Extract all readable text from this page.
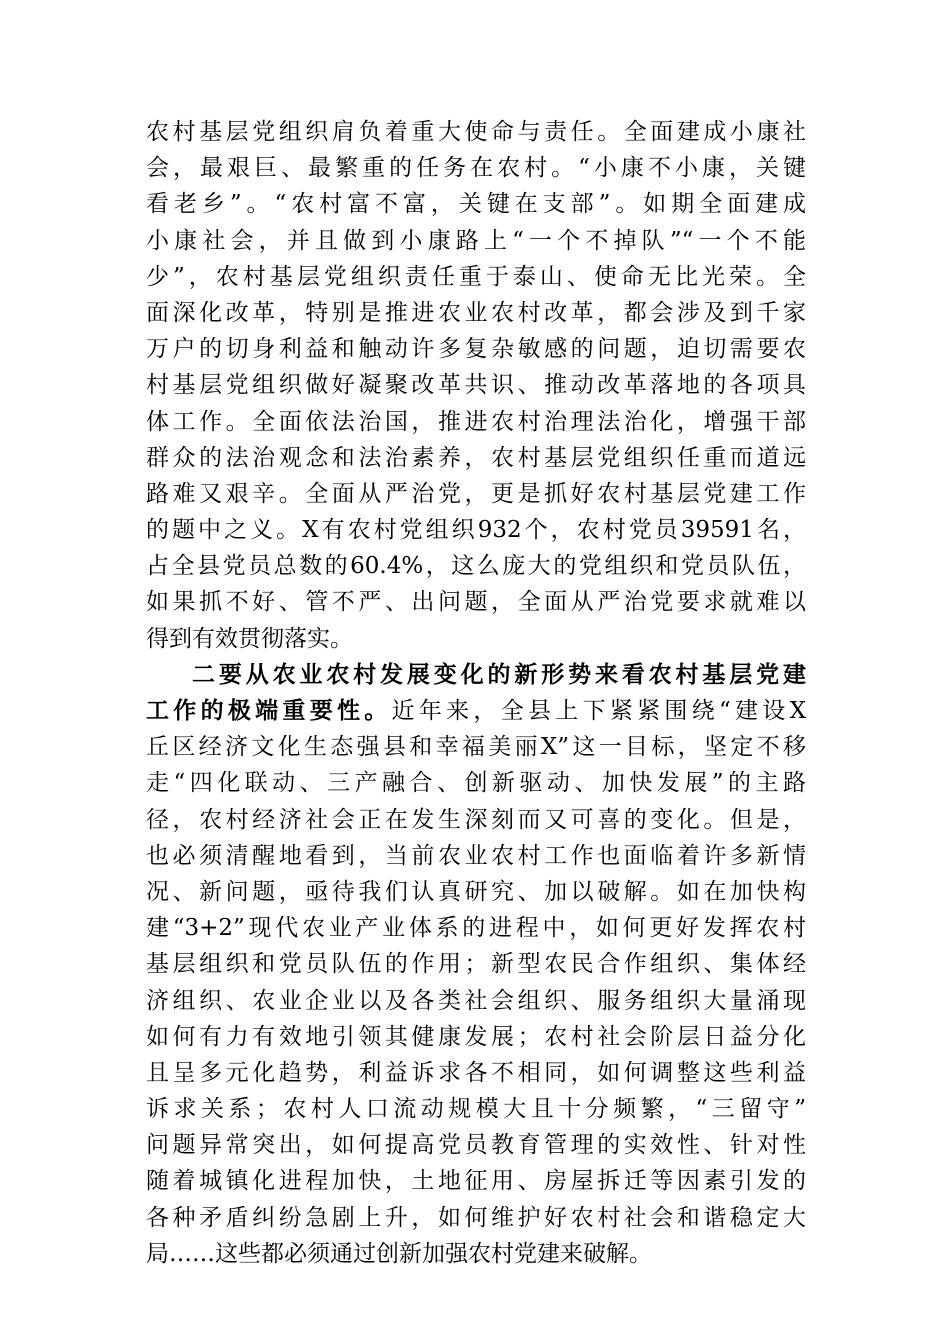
农村基层党组织肩负着重大使命与责任。全面建成小康社
会，最艰巨、最繁重的任务在农村。“小康不小康，关键
看老乡”。“农村富不富，关键在支部”。如期全面建成
小康社会，并且做到小康路上“一个不掉队”“一个不能
少”，农村基层党组织责任重于泰山、使命无比光荣。全
面深化改革，特别是推进农业农村改革，都会涉及到千家
万户的切身利益和触动许多复杂敏感的问题，迫切需要农
村基层党组织做好凝聚改革共识、推动改革落地的各项具
体工作。全面依法治国，推进农村治理法治化，增强干部
群众的法治观念和法治素养，农村基层党组织任重而道远
路难又艰辛。全面从严治党，更是抓好农村基层党建工作
的题中之义。X有农村党组织932个，农村党员39591名，
占全县党员总数的60.4%，这么庞大的党组织和党员队伍，
如果抓不好、管不严、出问题，全面从严治党要求就难以
得到有效贯彻落实。
二要从农业农村发展变化的新形势来看农村基层党建
工作的极端重要性。近年来，全县上下紧紧围绕“建设X
丘区经济文化生态强县和幸福美丽X”这一目标，坚定不移
走“四化联动、三产融合、创新驱动、加快发展”的主路
径，农村经济社会正在发生深刻而又可喜的变化。但是，
也必须清醒地看到，当前农业农村工作也面临着许多新情
况、新问题，亟待我们认真研究、加以破解。如在加快构
建“3+2”现代农业产业体系的进程中，如何更好发挥农村
基层组织和党员队伍的作用；新型农民合作组织、集体经
济组织、农业企业以及各类社会组织、服务组织大量涌现
如何有力有效地引领其健康发展；农村社会阶层日益分化
且呈多元化趋势，利益诉求各不相同，如何调整这些利益
诉求关系；农村人口流动规模大且十分频繁，“三留守”
问题异常突出，如何提高党员教育管理的实效性、针对性
随着城镇化进程加快，土地征用、房屋拆迁等因素引发的
各种矛盾纠纷急剧上升，如何维护好农村社会和谐稳定大
局……这些都必须通过创新加强农村党建来破解。
